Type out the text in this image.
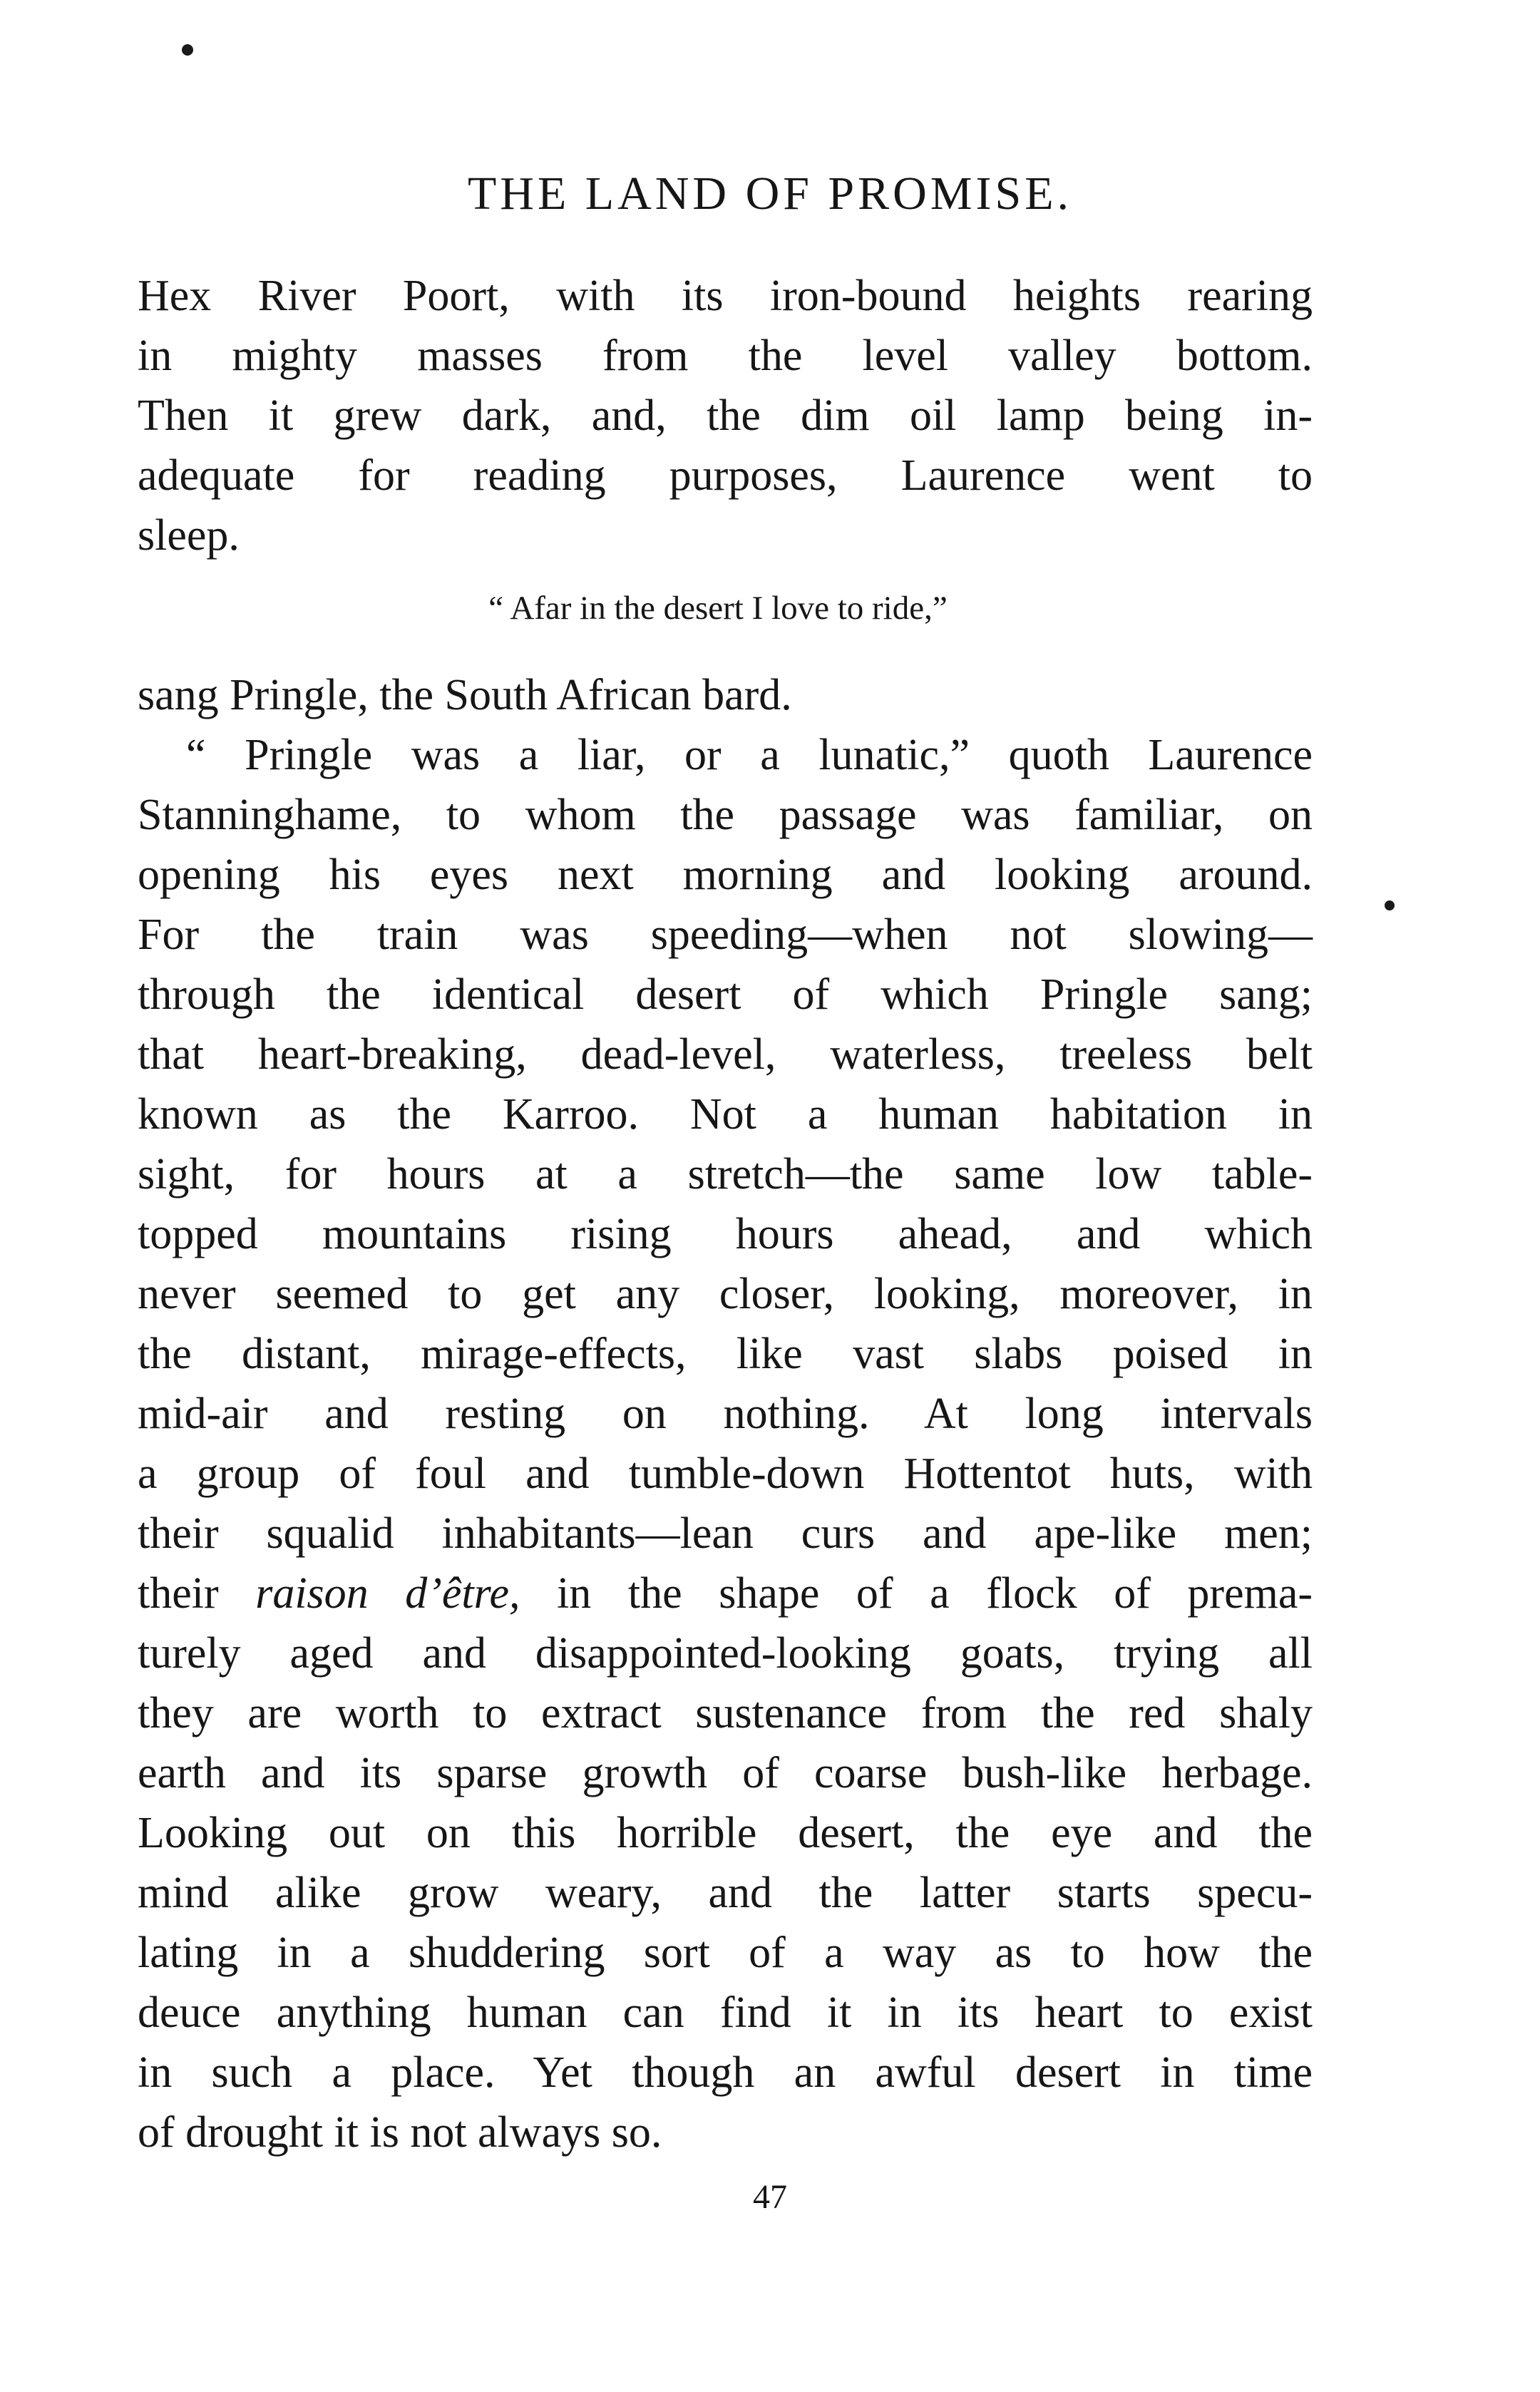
THE LAND OF PROMISE.
Hex River Poort, with its iron-bound heights rearing
in mighty masses from the level valley bottom.
Then it grew dark, and, the dim oil lamp being in-
adequate for reading purposes, Laurence went to
sleep.
“ Afar in the desert I love to ride,”
sang Pringle, the South African bard.
“ Pringle was a liar, or a lunatic,” quoth Laurence
Stanninghame, to whom the passage was familiar, on
opening his eyes next morning and looking around.
For the train was speeding—when not slowing—
through the identical desert of which Pringle sang;
that heart-breaking, dead-level, waterless, treeless belt
known as the Karroo. Not a human habitation in
sight, for hours at a stretch—the same low table-
topped mountains rising hours ahead, and which
never seemed to get any closer, looking, moreover, in
the distant, mirage-effects, like vast slabs poised in
mid-air and resting on nothing. At long intervals
a group of foul and tumble-down Hottentot huts, with
their squalid inhabitants—lean curs and ape-like men;
their raison d’être, in the shape of a flock of prema-
turely aged and disappointed-looking goats, trying all
they are worth to extract sustenance from the red shaly
earth and its sparse growth of coarse bush-like herbage.
Looking out on this horrible desert, the eye and the
mind alike grow weary, and the latter starts specu-
lating in a shuddering sort of a way as to how the
deuce anything human can find it in its heart to exist
in such a place. Yet though an awful desert in time
of drought it is not always so.
47
